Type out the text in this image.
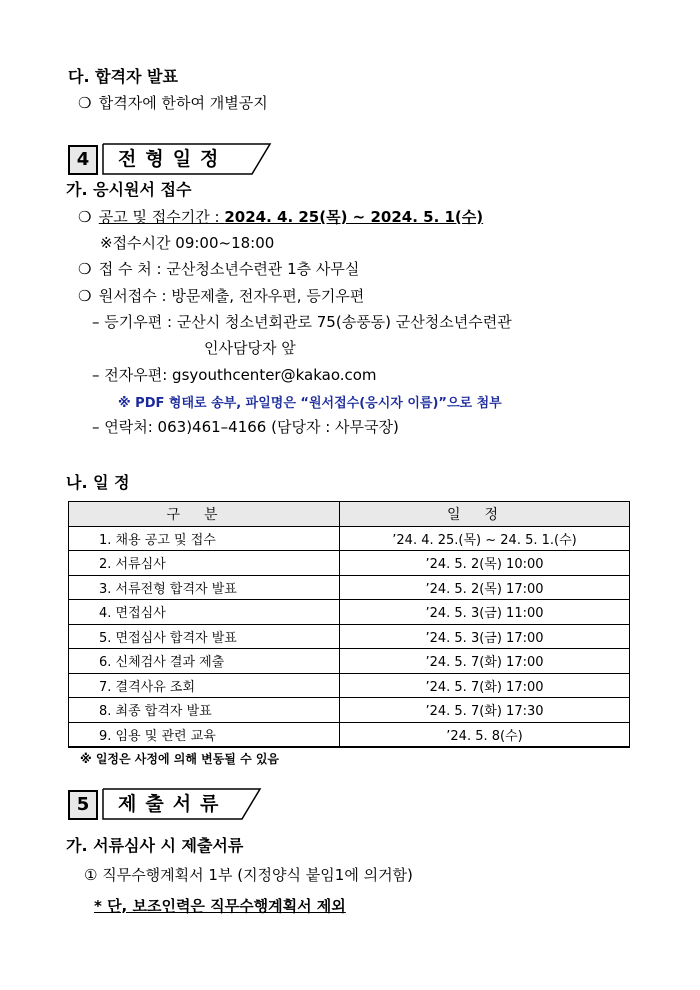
다. 합격자 발표
❍ 합격자에 한하여 개별공지
4	전형일정
가. 응시원서 접수
❍ 공고 및 접수기간 : 2024. 4. 25(목) ~ 2024. 5. 1(수)
※접수시간 09:00~18:00
❍ 접 수 처 : 군산청소년수련관 1층 사무실
❍ 원서접수 : 방문제출, 전자우편, 등기우편
– 등기우편 : 군산시 청소년회관로 75(송풍동) 군산청소년수련관
인사담당자 앞
– 전자우편: gsyouthcenter@kakao.com
※ PDF 형태로 송부, 파일명은 “원서접수(응시자 이름)”으로 첨부
– 연락처: 063)461–4166 (담당자 : 사무국장)
나. 일 정
구분	일정
1. 채용 공고 및 접수	’24. 4. 25.(목) ~ 24. 5. 1.(수)
2. 서류심사	’24. 5. 2(목) 10:00
3. 서류전형 합격자 발표	’24. 5. 2(목) 17:00
4. 면접심사	’24. 5. 3(금) 11:00
5. 면접심사 합격자 발표	’24. 5. 3(금) 17:00
6. 신체검사 결과 제출	’24. 5. 7(화) 17:00
7. 결격사유 조회	’24. 5. 7(화) 17:00
8. 최종 합격자 발표	’24. 5. 7(화) 17:30
9. 임용 및 관련 교육	’24. 5. 8(수)
※ 일정은 사정에 의해 변동될 수 있음
5	제출서류
가. 서류심사 시 제출서류
① 직무수행계획서 1부 (지정양식 붙임1에 의거함)
* 단, 보조인력은 직무수행계획서 제외
